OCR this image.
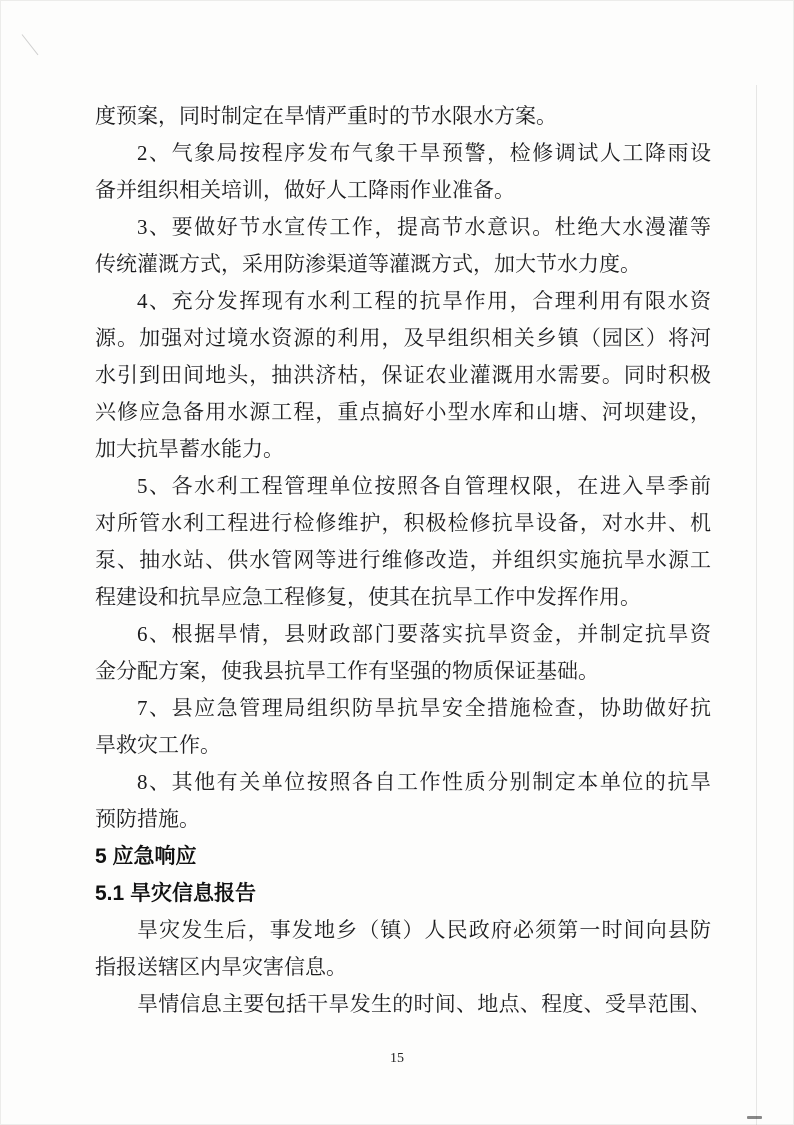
度预案，同时制定在旱情严重时的节水限水方案。

2、气象局按程序发布气象干旱预警，检修调试人工降雨设

备并组织相关培训，做好人工降雨作业准备。

3、要做好节水宣传工作，提高节水意识。杜绝大水漫灌等

传统灌溉方式，采用防渗渠道等灌溉方式，加大节水力度。

4、充分发挥现有水利工程的抗旱作用，合理利用有限水资

源。加强对过境水资源的利用，及早组织相关乡镇（园区）将河

水引到田间地头，抽洪济枯，保证农业灌溉用水需要。同时积极

兴修应急备用水源工程，重点搞好小型水库和山塘、河坝建设，

加大抗旱蓄水能力。

5、各水利工程管理单位按照各自管理权限，在进入旱季前

对所管水利工程进行检修维护，积极检修抗旱设备，对水井、机

泵、抽水站、供水管网等进行维修改造，并组织实施抗旱水源工

程建设和抗旱应急工程修复，使其在抗旱工作中发挥作用。

6、根据旱情，县财政部门要落实抗旱资金，并制定抗旱资

金分配方案，使我县抗旱工作有坚强的物质保证基础。

7、县应急管理局组织防旱抗旱安全措施检查，协助做好抗

旱救灾工作。

8、其他有关单位按照各自工作性质分别制定本单位的抗旱

预防措施。

5 应急响应

5.1 旱灾信息报告

旱灾发生后，事发地乡（镇）人民政府必须第一时间向县防

指报送辖区内旱灾害信息。

旱情信息主要包括干旱发生的时间、地点、程度、受旱范围、

15
